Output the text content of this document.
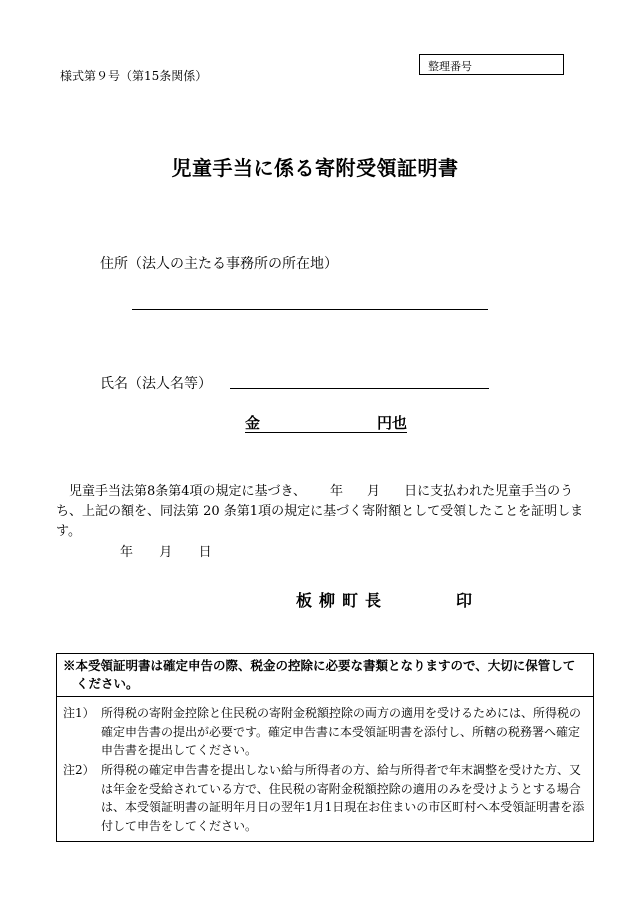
様式第９号（第15条関係）
整理番号
児童手当に係る寄附受領証明書
住所（法人の主たる事務所の所在地）
氏名（法人名等）
金	円也
児童手当法第8条第4項の規定に基づき、 年 月 日に支払われた児童手当のうち、上記の額を、同法第 20 条第1項の規定に基づく寄附額として受領したことを証明します。
年 月 日
板柳町長	印
※本受領証明書は確定申告の際、税金の控除に必要な書類となりますので、大切に保管して
ください。
注1） 所得税の寄附金控除と住民税の寄附金税額控除の両方の適用を受けるためには、所得税の確定申告書の提出が必要です。確定申告書に本受領証明書を添付し、所轄の税務署へ確定申告書を提出してください。
注2） 所得税の確定申告書を提出しない給与所得者の方、給与所得者で年末調整を受けた方、又は年金を受給されている方で、住民税の寄附金税額控除の適用のみを受けようとする場合は、本受領証明書の証明年月日の翌年1月1日現在お住まいの市区町村へ本受領証明書を添付して申告をしてください。
